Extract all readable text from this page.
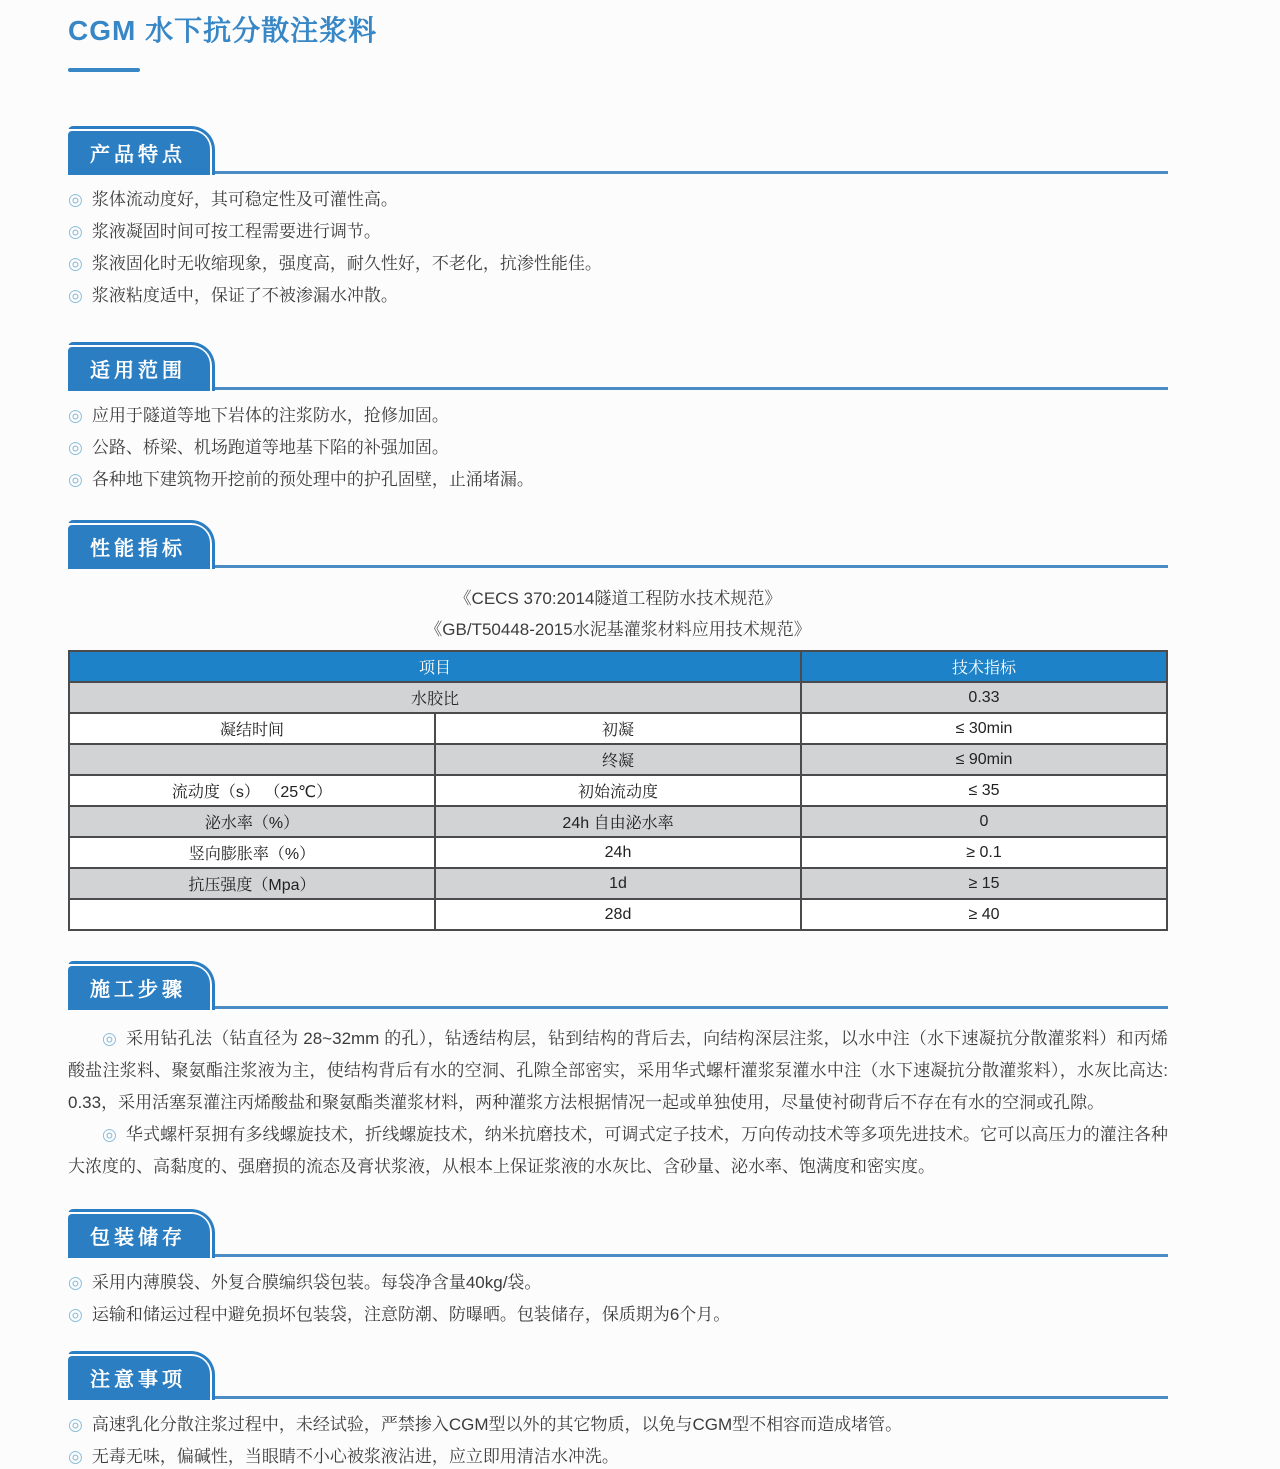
CGM 水下抗分散注浆料
产品特点
◎ 浆体流动度好，其可稳定性及可灌性高。
◎ 浆液凝固时间可按工程需要进行调节。
◎ 浆液固化时无收缩现象，强度高，耐久性好，不老化，抗渗性能佳。
◎ 浆液粘度适中，保证了不被渗漏水冲散。
适用范围
◎ 应用于隧道等地下岩体的注浆防水，抢修加固。
◎ 公路、桥梁、机场跑道等地基下陷的补强加固。
◎ 各种地下建筑物开挖前的预处理中的护孔固壁，止涌堵漏。
性能指标
《CECS 370:2014隧道工程防水技术规范》
《GB/T50448-2015水泥基灌浆材料应用技术规范》
项目		技术指标
水胶比		0.33
凝结时间	初凝	≤ 30min
	终凝	≤ 90min
流动度（s） （25℃）	初始流动度	≤ 35
泌水率（%）	24h 自由泌水率	0
竖向膨胀率（%）	24h	≥ 0.1
抗压强度（Mpa）	1d	≥ 15
	28d	≥ 40
施工步骤

◎ 采用钻孔法（钻直径为 28~32mm 的孔），钻透结构层，钻到结构的背后去，向结构深层注浆，以水中注（水下速凝抗分散灌浆料）和丙烯酸盐注浆料、聚氨酯注浆液为主，使结构背后有水的空洞、孔隙全部密实，采用华式螺杆灌浆泵灌水中注（水下速凝抗分散灌浆料），水灰比高达: 0.33，采用活塞泵灌注丙烯酸盐和聚氨酯类灌浆材料，两种灌浆方法根据情况一起或单独使用，尽量使衬砌背后不存在有水的空洞或孔隙。

◎ 华式螺杆泵拥有多线螺旋技术，折线螺旋技术，纳米抗磨技术，可调式定子技术，万向传动技术等多项先进技术。它可以高压力的灌注各种大浓度的、高黏度的、强磨损的流态及膏状浆液，从根本上保证浆液的水灰比、含砂量、泌水率、饱满度和密实度。

包装储存
◎ 采用内薄膜袋、外复合膜编织袋包装。每袋净含量40kg/袋。
◎ 运输和储运过程中避免损坏包装袋，注意防潮、防曝晒。包装储存，保质期为6个月。
注意事项
◎ 高速乳化分散注浆过程中，未经试验，严禁掺入CGM型以外的其它物质，以免与CGM型不相容而造成堵管。
◎ 无毒无味，偏碱性，当眼睛不小心被浆液沾进，应立即用清洁水冲洗。
